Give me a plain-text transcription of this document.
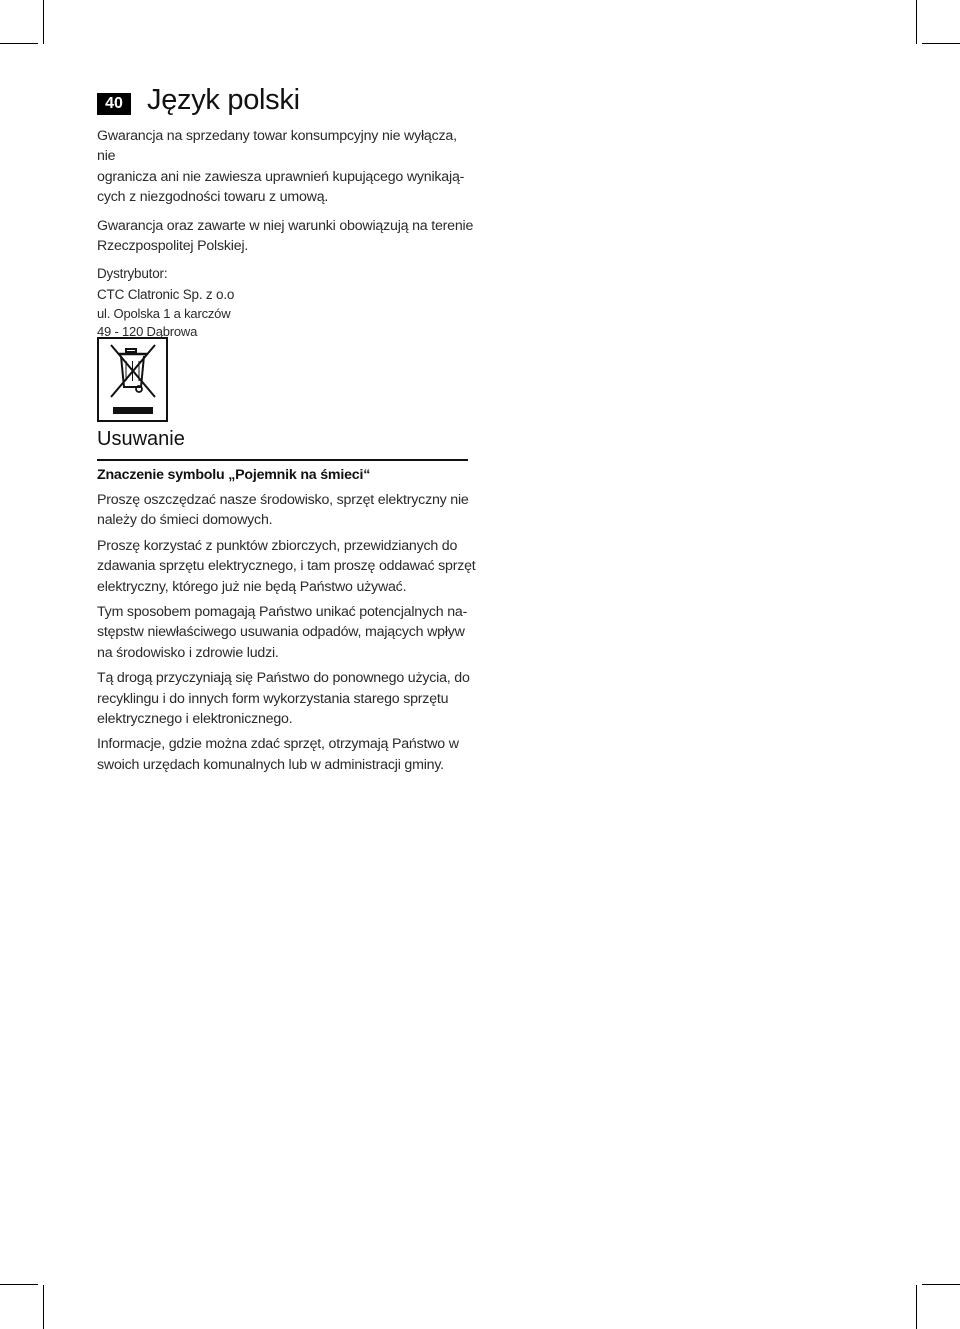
40 Język polski

Gwarancja na sprzedany towar konsumpcyjny nie wyłącza, nie
ogranicza ani nie zawiesza uprawnień kupującego wynikają-
cych z niezgodności towaru z umową.

Gwarancja oraz zawarte w niej warunki obowiązują na terenie
Rzeczpospolitej Polskiej.

Dystrybutor:
CTC Clatronic Sp. z o.o

ul. Opolska 1 a karczów
49 - 120 Dąbrowa

Usuwanie
Znaczenie symbolu „Pojemnik na śmieci“

Proszę oszczędzać nasze środowisko, sprzęt elektryczny nie
należy do śmieci domowych.

Proszę korzystać z punktów zbiorczych, przewidzianych do
zdawania sprzętu elektrycznego, i tam proszę oddawać sprzęt
elektryczny, którego już nie będą Państwo używać.

Tym sposobem pomagają Państwo unikać potencjalnych na-
stępstw niewłaściwego usuwania odpadów, mających wpływ
na środowisko i zdrowie ludzi.

Tą drogą przyczyniają się Państwo do ponownego użycia, do
recyklingu i do innych form wykorzystania starego sprzętu
elektrycznego i elektronicznego.

Informacje, gdzie można zdać sprzęt, otrzymają Państwo w
swoich urzędach komunalnych lub w administracji gminy.
